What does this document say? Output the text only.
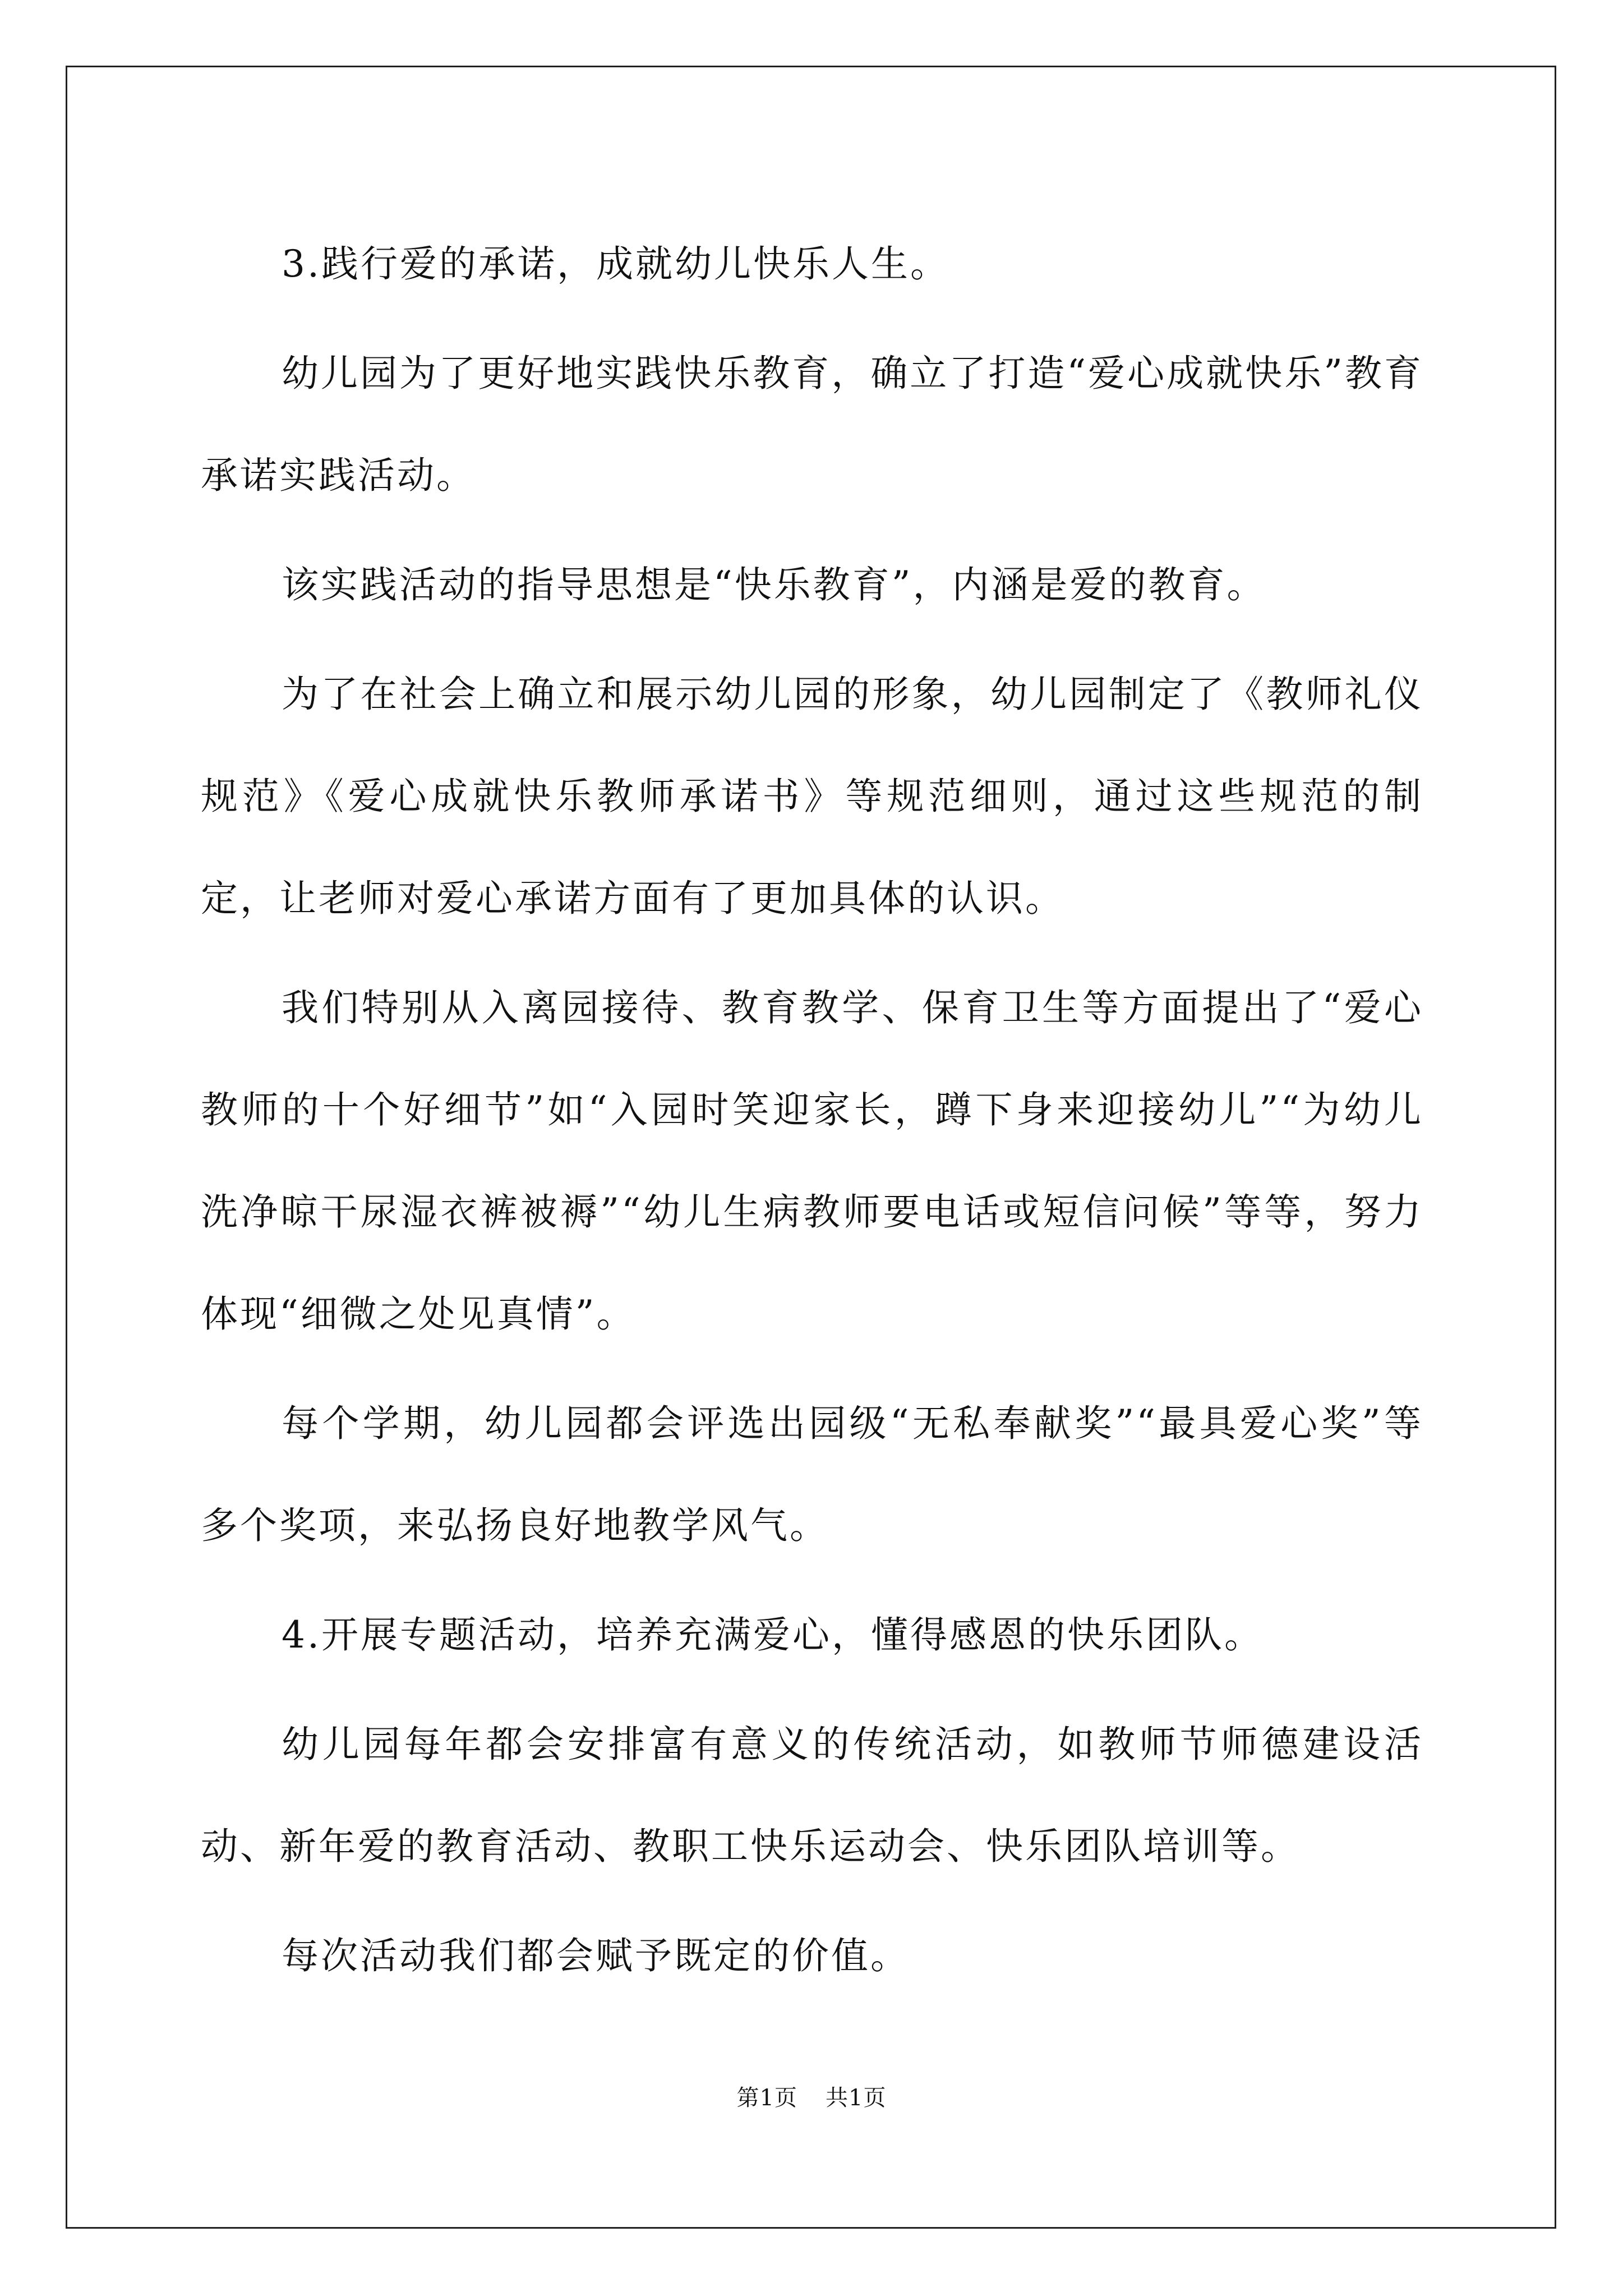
3.践行爱的承诺，成就幼儿快乐人生。

幼儿园为了更好地实践快乐教育，确立了打造“爱心成就快乐”教育承诺实践活动。

该实践活动的指导思想是“快乐教育”，内涵是爱的教育。

为了在社会上确立和展示幼儿园的形象，幼儿园制定了《教师礼仪规范》《爱心成就快乐教师承诺书》等规范细则，通过这些规范的制定，让老师对爱心承诺方面有了更加具体的认识。

我们特别从入离园接待、教育教学、保育卫生等方面提出了“爱心教师的十个好细节”如“入园时笑迎家长，蹲下身来迎接幼儿”“为幼儿洗净晾干尿湿衣裤被褥”“幼儿生病教师要电话或短信问候”等等，努力体现“细微之处见真情”。

每个学期，幼儿园都会评选出园级“无私奉献奖”“最具爱心奖”等多个奖项，来弘扬良好地教学风气。

4.开展专题活动，培养充满爱心，懂得感恩的快乐团队。

幼儿园每年都会安排富有意义的传统活动，如教师节师德建设活动、新年爱的教育活动、教职工快乐运动会、快乐团队培训等。

每次活动我们都会赋予既定的价值。

第1页 共1页
